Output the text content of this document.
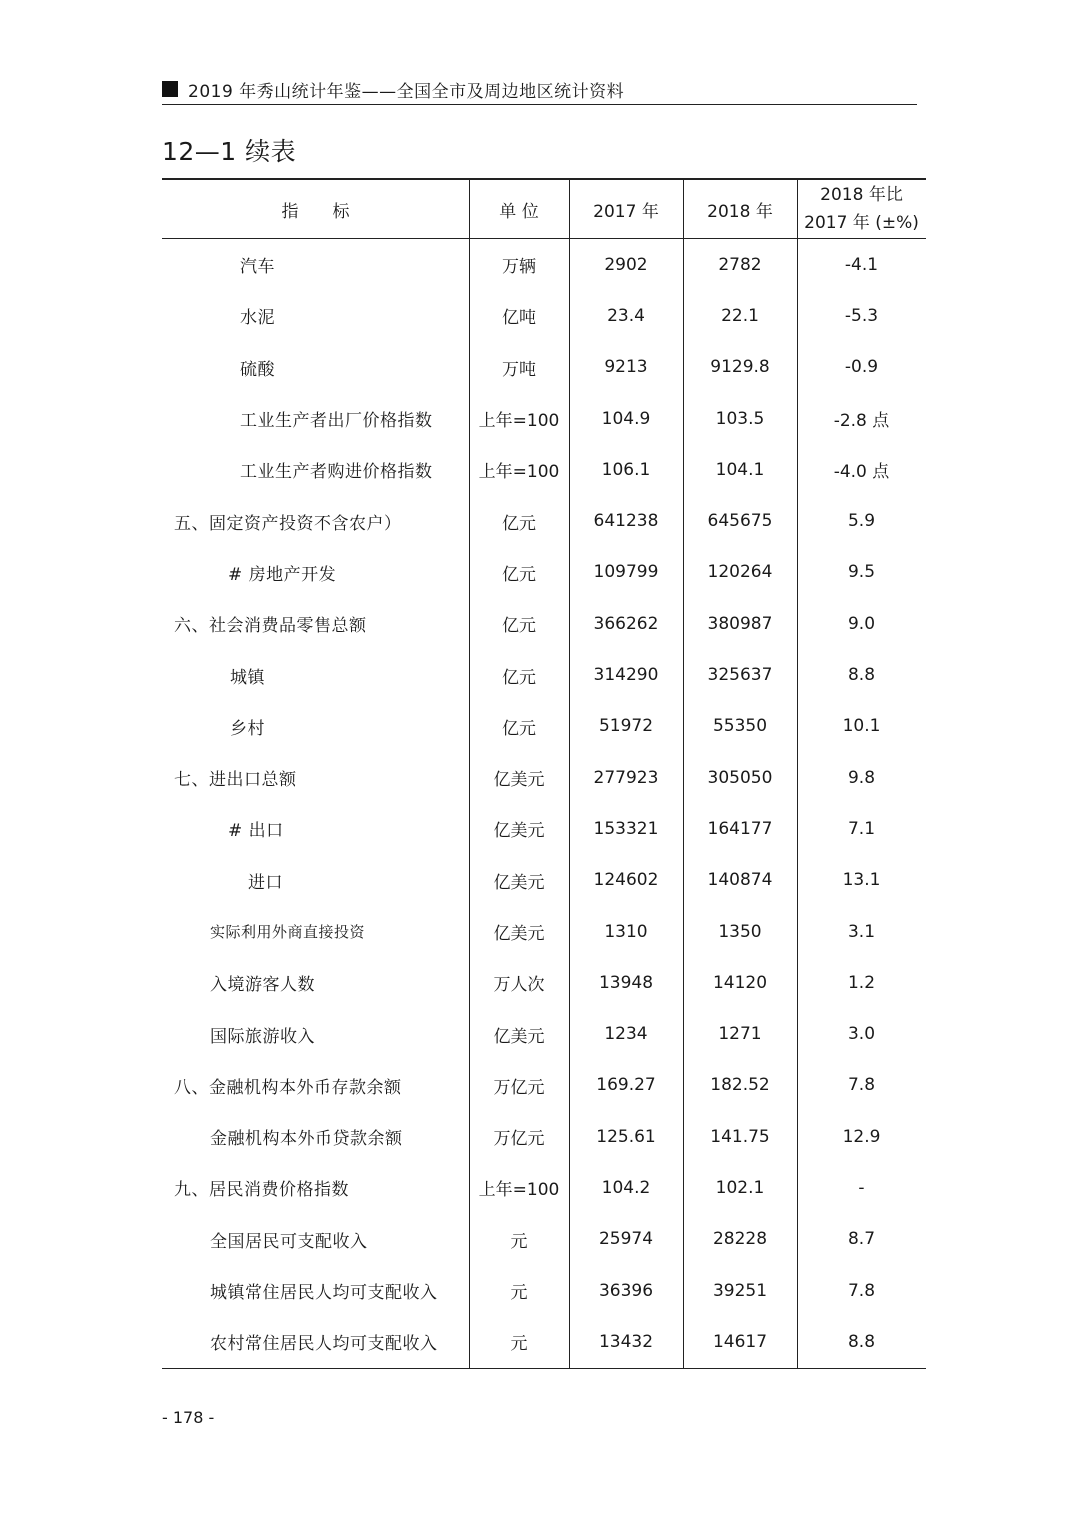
2019 年秀山统计年鉴——全国全市及周边地区统计资料
12—1 续表
指　　标	单 位	2017 年	2018 年
2018 年比
2017 年 (±%)
汽车	万辆	2902	2782	-4.1
水泥	亿吨	23.4	22.1	-5.3
硫酸	万吨	9213	9129.8	-0.9
工业生产者出厂价格指数	上年=100	104.9	103.5	-2.8 点
工业生产者购进价格指数	上年=100	106.1	104.1	-4.0 点
五、固定资产投资不含农户）	亿元	641238	645675	5.9
# 房地产开发	亿元	109799	120264	9.5
六、社会消费品零售总额	亿元	366262	380987	9.0
城镇	亿元	314290	325637	8.8
乡村	亿元	51972	55350	10.1
七、进出口总额	亿美元	277923	305050	9.8
# 出口	亿美元	153321	164177	7.1
进口	亿美元	124602	140874	13.1
实际利用外商直接投资	亿美元	1310	1350	3.1
入境游客人数	万人次	13948	14120	1.2
国际旅游收入	亿美元	1234	1271	3.0
八、金融机构本外币存款余额	万亿元	169.27	182.52	7.8
金融机构本外币贷款余额	万亿元	125.61	141.75	12.9
九、居民消费价格指数	上年=100	104.2	102.1	-
全国居民可支配收入	元	25974	28228	8.7
城镇常住居民人均可支配收入	元	36396	39251	7.8
农村常住居民人均可支配收入	元	13432	14617	8.8
- 178 -
